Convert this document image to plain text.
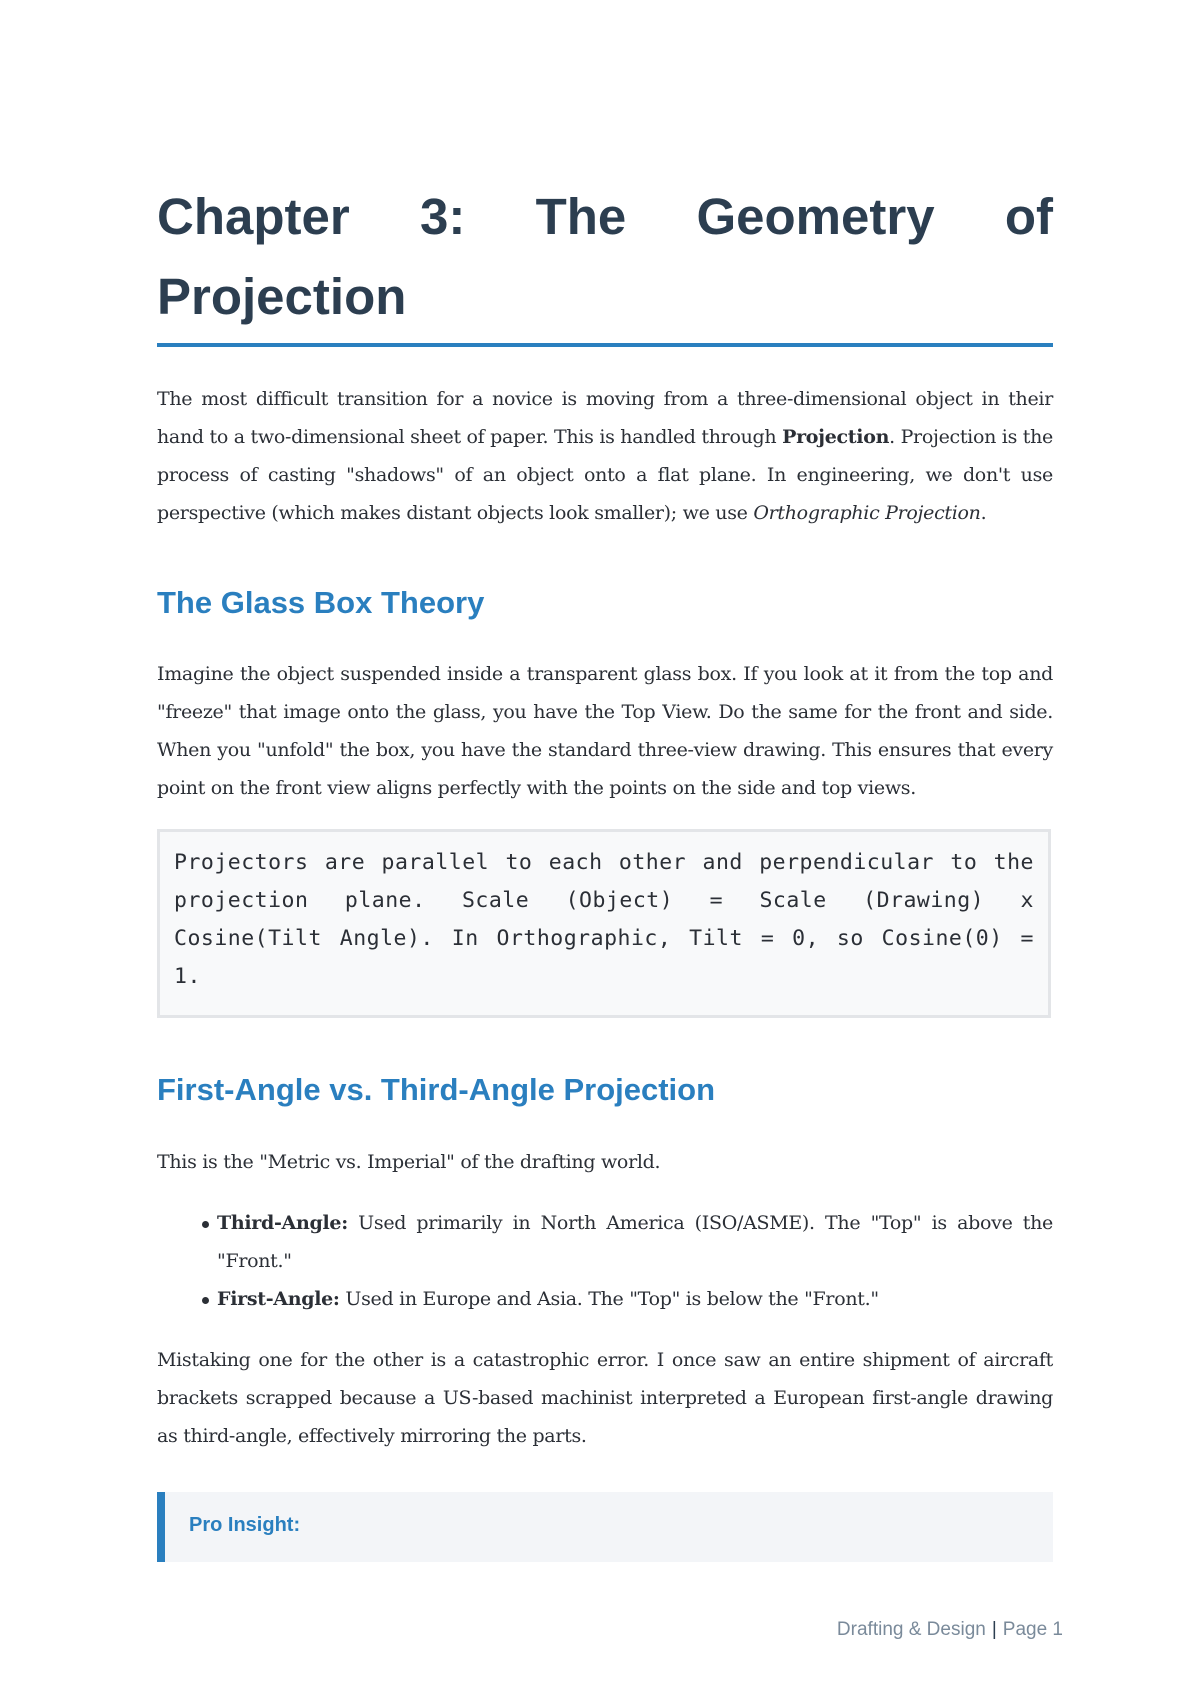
Chapter 3: The Geometry of Projection

The most difficult transition for a novice is moving from a three-dimensional object in their hand to a two-dimensional sheet of paper. This is handled through Projection. Projection is the process of casting "shadows" of an object onto a flat plane. In engineering, we don't use perspective (which makes distant objects look smaller); we use Orthographic Projection.

The Glass Box Theory

Imagine the object suspended inside a transparent glass box. If you look at it from the top and "freeze" that image onto the glass, you have the Top View. Do the same for the front and side. When you "unfold" the box, you have the standard three-view drawing. This ensures that every point on the front view aligns perfectly with the points on the side and top views.

Projectors are parallel to each other and perpendicular to the projection plane. Scale (Object) = Scale (Drawing) x Cosine(Tilt Angle). In Orthographic, Tilt = 0, so Cosine(0) = 1.
First-Angle vs. Third-Angle Projection

This is the "Metric vs. Imperial" of the drafting world.

Third-Angle: Used primarily in North America (ISO/ASME). The "Top" is above the "Front."
First-Angle: Used in Europe and Asia. The "Top" is below the "Front."

Mistaking one for the other is a catastrophic error. I once saw an entire shipment of aircraft brackets scrapped because a US-based machinist interpreted a European first-angle drawing as third-angle, effectively mirroring the parts.

Pro Insight:
Drafting & Design | Page 1
